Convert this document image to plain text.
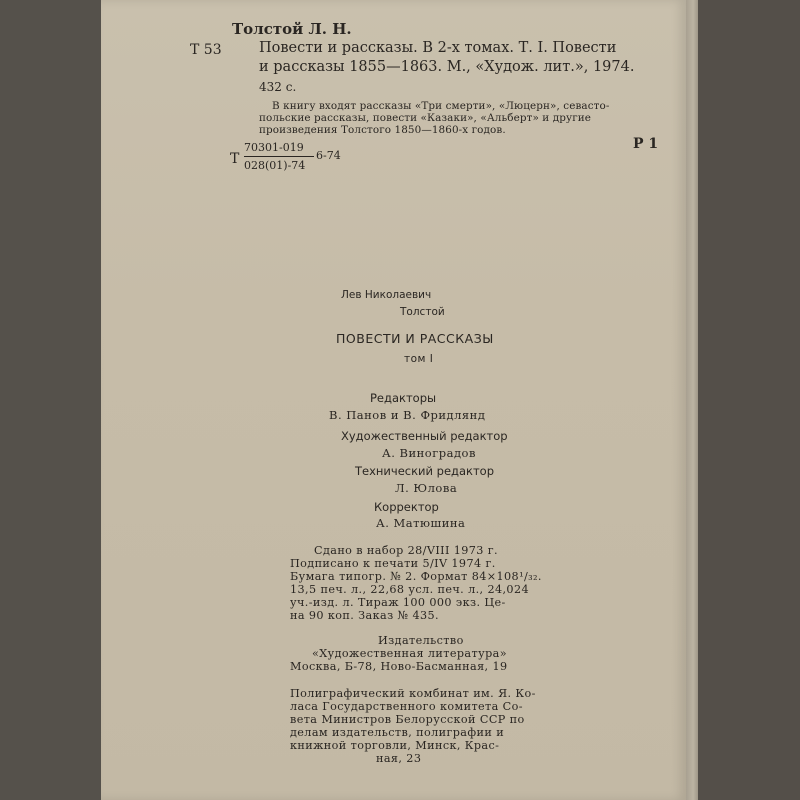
Толстой Л. Н.
Т 53	Повести и рассказы. В 2-х томах. Т. I. Повести
и рассказы 1855—1863. М., «Худож. лит.», 1974.
432 с.
В книгу входят рассказы «Три смерти», «Люцерн», севасто-
польские рассказы, повести «Казаки», «Альберт» и другие
произведения Толстого 1850—1860-х годов.
Р 1
Т
70301-019
028(01)-74
6-74
Лев Николаевич
Толстой
ПОВЕСТИ И РАССКАЗЫ
том I
Редакторы
В. Панов и В. Фридлянд
Художественный редактор
А. Виноградов
Технический редактор
Л. Юлова
Корректор
А. Матюшина
Сдано в набор 28/VIII 1973 г.
Подписано к печати 5/IV 1974 г.
Бумага типогр. № 2. Формат 84×108¹/₃₂.
13,5 печ. л., 22,68 усл. печ. л., 24,024
уч.-изд. л. Тираж 100 000 экз. Це-
на 90 коп. Заказ № 435.
Издательство
«Художественная литература»
Москва, Б-78, Ново-Басманная, 19
Полиграфический комбинат им. Я. Ко-
ласа Государственного комитета Со-
вета Министров Белорусской ССР по
делам издательств, полиграфии и
книжной торговли, Минск, Крас-
ная, 23
